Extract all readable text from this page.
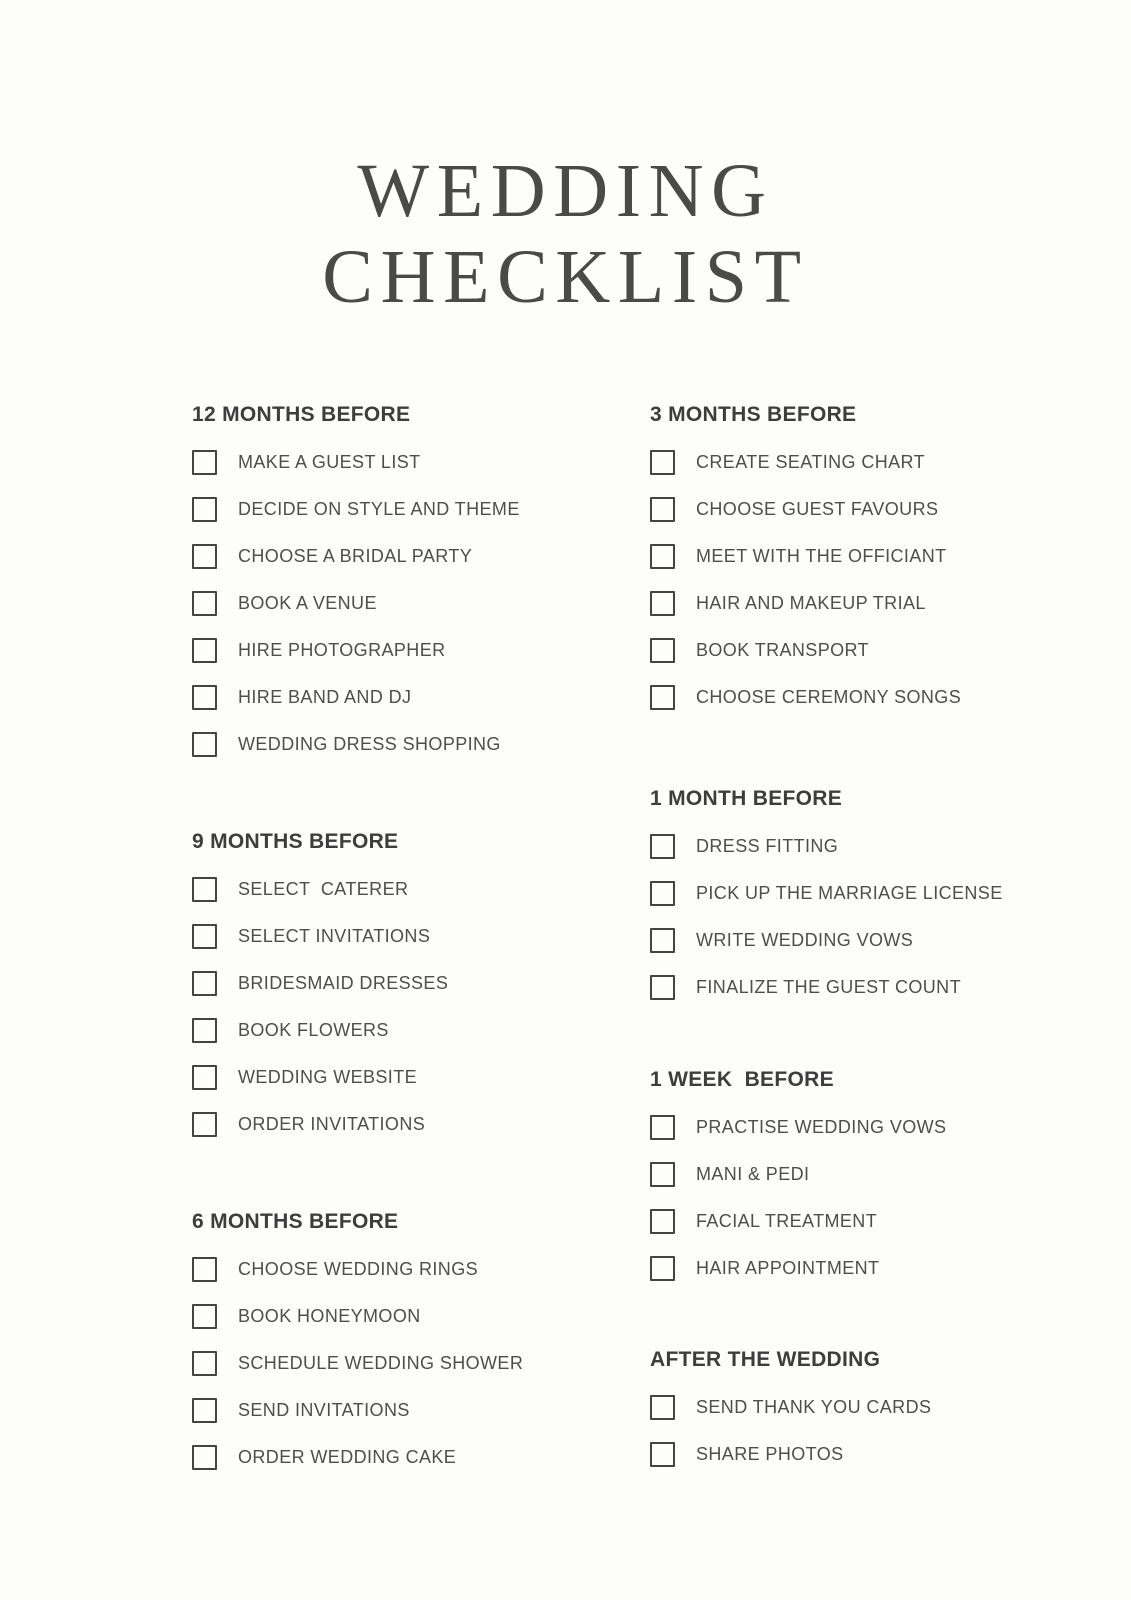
WEDDING
CHECKLIST
12 MONTHS BEFORE
MAKE A GUEST LIST
DECIDE ON STYLE AND THEME
CHOOSE A BRIDAL PARTY
BOOK A VENUE
HIRE PHOTOGRAPHER
HIRE BAND AND DJ
WEDDING DRESS SHOPPING
9 MONTHS BEFORE
SELECT  CATERER
SELECT INVITATIONS
BRIDESMAID DRESSES
BOOK FLOWERS
WEDDING WEBSITE
ORDER INVITATIONS
6 MONTHS BEFORE
CHOOSE WEDDING RINGS
BOOK HONEYMOON
SCHEDULE WEDDING SHOWER
SEND INVITATIONS
ORDER WEDDING CAKE
3 MONTHS BEFORE
CREATE SEATING CHART
CHOOSE GUEST FAVOURS
MEET WITH THE OFFICIANT
HAIR AND MAKEUP TRIAL
BOOK TRANSPORT
CHOOSE CEREMONY SONGS
1 MONTH BEFORE
DRESS FITTING
PICK UP THE MARRIAGE LICENSE
WRITE WEDDING VOWS
FINALIZE THE GUEST COUNT
1 WEEK  BEFORE
PRACTISE WEDDING VOWS
MANI & PEDI
FACIAL TREATMENT
HAIR APPOINTMENT
AFTER THE WEDDING
SEND THANK YOU CARDS
SHARE PHOTOS
